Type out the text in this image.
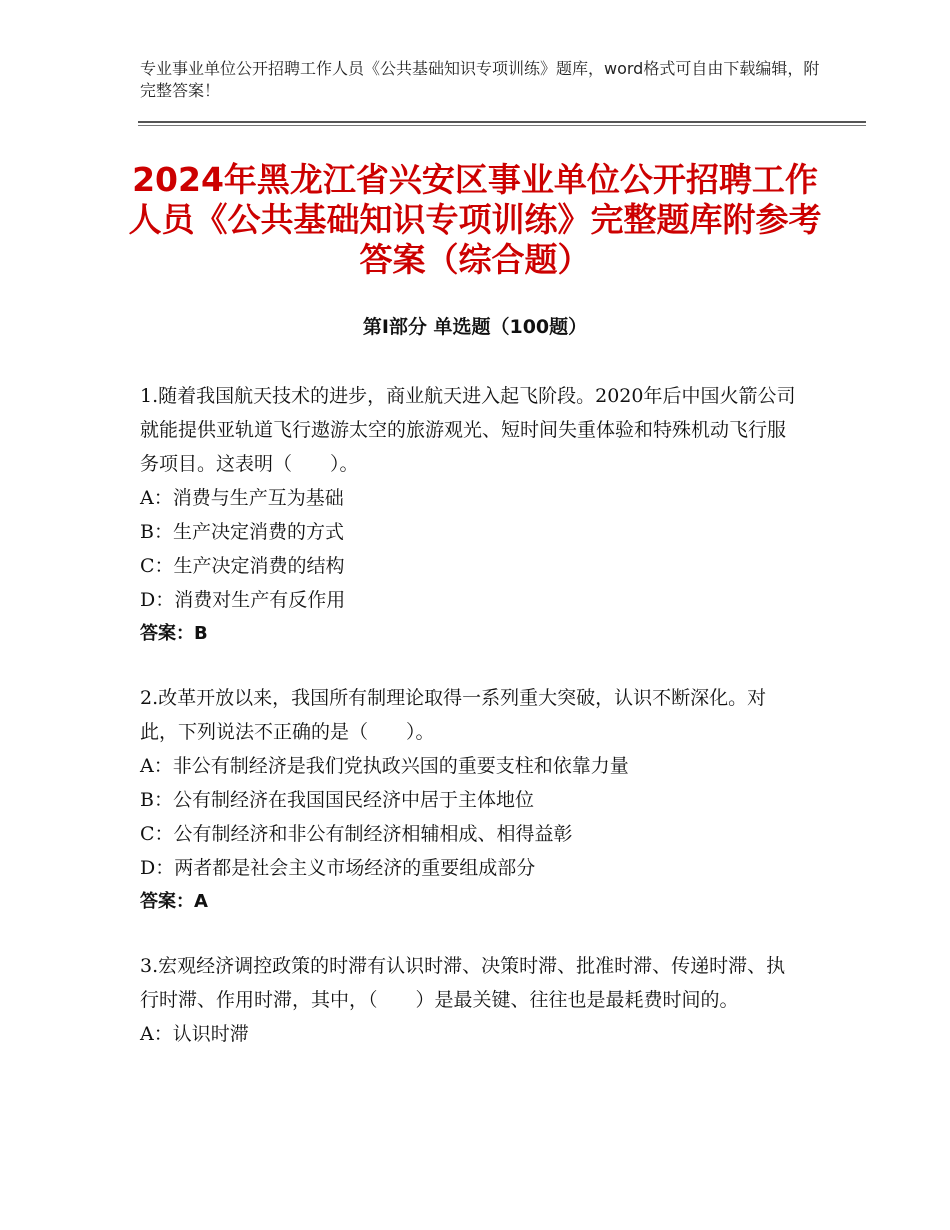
专业事业单位公开招聘工作人员《公共基础知识专项训练》题库，word格式可自由下载编辑，附完整答案！
2024年黑龙江省兴安区事业单位公开招聘工作人员《公共基础知识专项训练》完整题库附参考答案（综合题）
第Ⅰ部分 单选题（100题）

1.随着我国航天技术的进步，商业航天进入起飞阶段。2020年后中国火箭公司就能提供亚轨道飞行遨游太空的旅游观光、短时间失重体验和特殊机动飞行服务项目。这表明（　　）。

A：消费与生产互为基础

B：生产决定消费的方式

C：生产决定消费的结构

D：消费对生产有反作用

答案：B

2.改革开放以来，我国所有制理论取得一系列重大突破，认识不断深化。对此，下列说法不正确的是（　　）。

A：非公有制经济是我们党执政兴国的重要支柱和依靠力量

B：公有制经济在我国国民经济中居于主体地位

C：公有制经济和非公有制经济相辅相成、相得益彰

D：两者都是社会主义市场经济的重要组成部分

答案：A

3.宏观经济调控政策的时滞有认识时滞、决策时滞、批准时滞、传递时滞、执行时滞、作用时滞，其中，（　　）是最关键、往往也是最耗费时间的。

A：认识时滞
